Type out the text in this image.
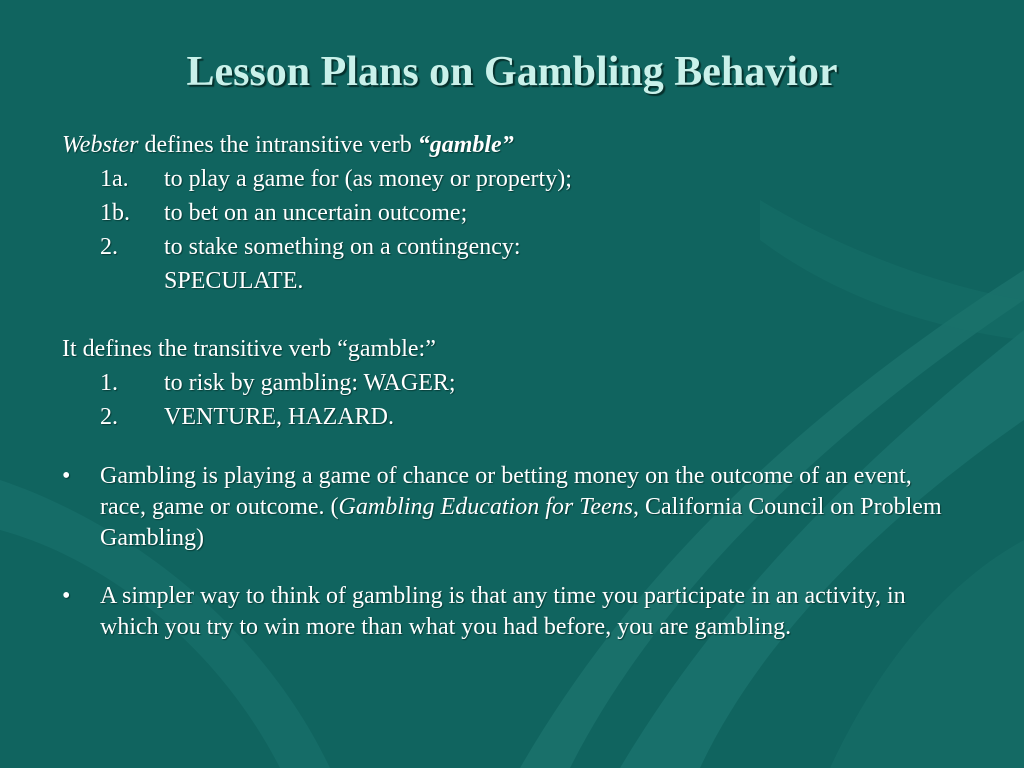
Lesson Plans on Gambling Behavior
Webster defines the intransitive verb “gamble”
1a. to play a game for (as money or property);
1b. to bet on an uncertain outcome;
2. to stake something on a contingency:
SPECULATE.
It defines the transitive verb “gamble:”
1. to risk by gambling: WAGER;
2. VENTURE, HAZARD.
• Gambling is playing a game of chance or betting money on the outcome of an event, race, game or outcome. (Gambling Education for Teens, California Council on Problem Gambling)
• A simpler way to think of gambling is that any time you participate in an activity, in which you try to win more than what you had before, you are gambling.
